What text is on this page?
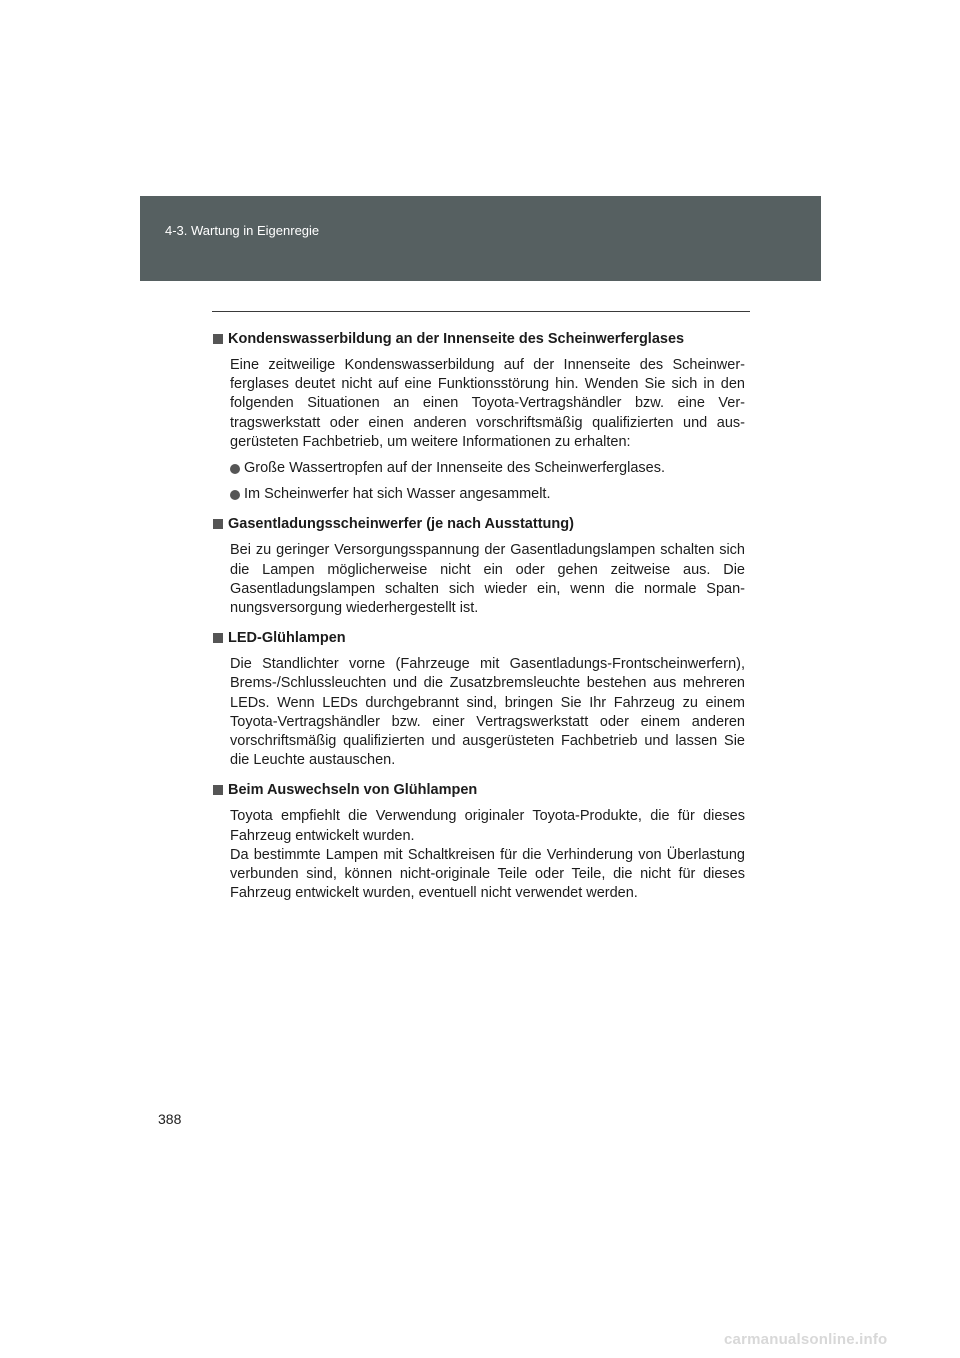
4-3. Wartung in Eigenregie
Kondenswasserbildung an der Innenseite des Scheinwerferglases

Eine zeitweilige Kondenswasserbildung auf der Innenseite des Scheinwerferglases deutet nicht auf eine Funktionsstörung hin. Wenden Sie sich in den folgenden Situationen an einen Toyota-Vertragshändler bzw. eine Vertragswerkstatt oder einen anderen vorschriftsmäßig qualifizierten und ausgerüsteten Fachbetrieb, um weitere Informationen zu erhalten:

Große Wassertropfen auf der Innenseite des Scheinwerferglases.
Im Scheinwerfer hat sich Wasser angesammelt.
Gasentladungsscheinwerfer (je nach Ausstattung)

Bei zu geringer Versorgungsspannung der Gasentladungslampen schalten sich die Lampen möglicherweise nicht ein oder gehen zeitweise aus. Die Gasentladungslampen schalten sich wieder ein, wenn die normale Spannungsversorgung wiederhergestellt ist.

LED-Glühlampen

Die Standlichter vorne (Fahrzeuge mit Gasentladungs-Frontscheinwerfern), Brems-/Schlussleuchten und die Zusatzbremsleuchte bestehen aus mehreren LEDs. Wenn LEDs durchgebrannt sind, bringen Sie Ihr Fahrzeug zu einem Toyota-Vertragshändler bzw. einer Vertragswerkstatt oder einem anderen vorschriftsmäßig qualifizierten und ausgerüsteten Fachbetrieb und lassen Sie die Leuchte austauschen.

Beim Auswechseln von Glühlampen

Toyota empfiehlt die Verwendung originaler Toyota-Produkte, die für dieses Fahrzeug entwickelt wurden.

Da bestimmte Lampen mit Schaltkreisen für die Verhinderung von Überlastung verbunden sind, können nicht-originale Teile oder Teile, die nicht für dieses Fahrzeug entwickelt wurden, eventuell nicht verwendet werden.

388
carmanualsonline.info
